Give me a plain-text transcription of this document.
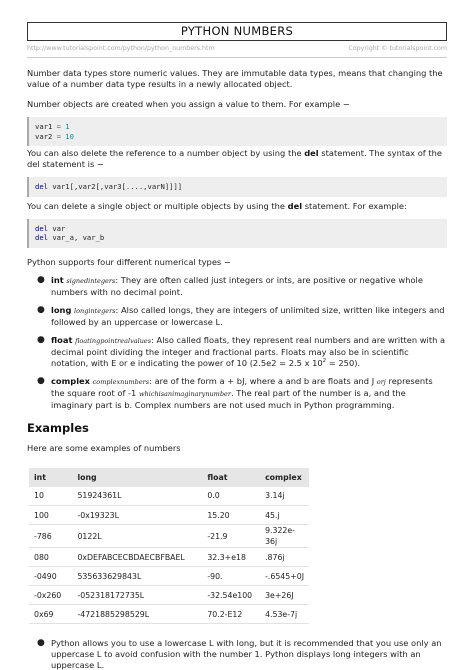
PYTHON NUMBERS
http://www.tutorialspoint.com/python/python_numbers.htm	Copyright © tutorialspoint.com

Number data types store numeric values. They are immutable data types, means that changing the value of a number data type results in a newly allocated object.

Number objects are created when you assign a value to them. For example −

var1 = 1
var2 = 10

You can also delete the reference to a number object by using the del statement. The syntax of the del statement is −

del var1[,var2[,var3[....,varN]]]]

You can delete a single object or multiple objects by using the del statement. For example:

del var
del var_a, var_b

Python supports four different numerical types −

● int signedintegers: They are often called just integers or ints, are positive or negative whole numbers with no decimal point.
● long longintegers: Also called longs, they are integers of unlimited size, written like integers and followed by an uppercase or lowercase L.
● float floatingpointrealvalues: Also called floats, they represent real numbers and are written with a decimal point dividing the integer and fractional parts. Floats may also be in scientific notation, with E or e indicating the power of 10 (2.5e2 = 2.5 x $10^2 = 250$).
● complex complexnumbers: are of the form a + bJ, where a and b are floats and J orj represents the square root of -1 whichisanimaginarynumber. The real part of the number is a, and the imaginary part is b. Complex numbers are not used much in Python programming.
Examples

Here are some examples of numbers

int	long	float	complex
10	51924361L	0.0	3.14j
100	-0x19323L	15.20	45.j
-786	0122L	-21.9	9.322e-36j
080	0xDEFABCECBDAECBFBAEL	32.3+e18	.876j
-0490	535633629843L	-90.	-.6545+0J
-0x260	-052318172735L	-32.54e100	3e+26J
0x69	-4721885298529L	70.2-E12	4.53e-7j
● Python allows you to use a lowercase L with long, but it is recommended that you use only an uppercase L to avoid confusion with the number 1. Python displays long integers with an uppercase L.
